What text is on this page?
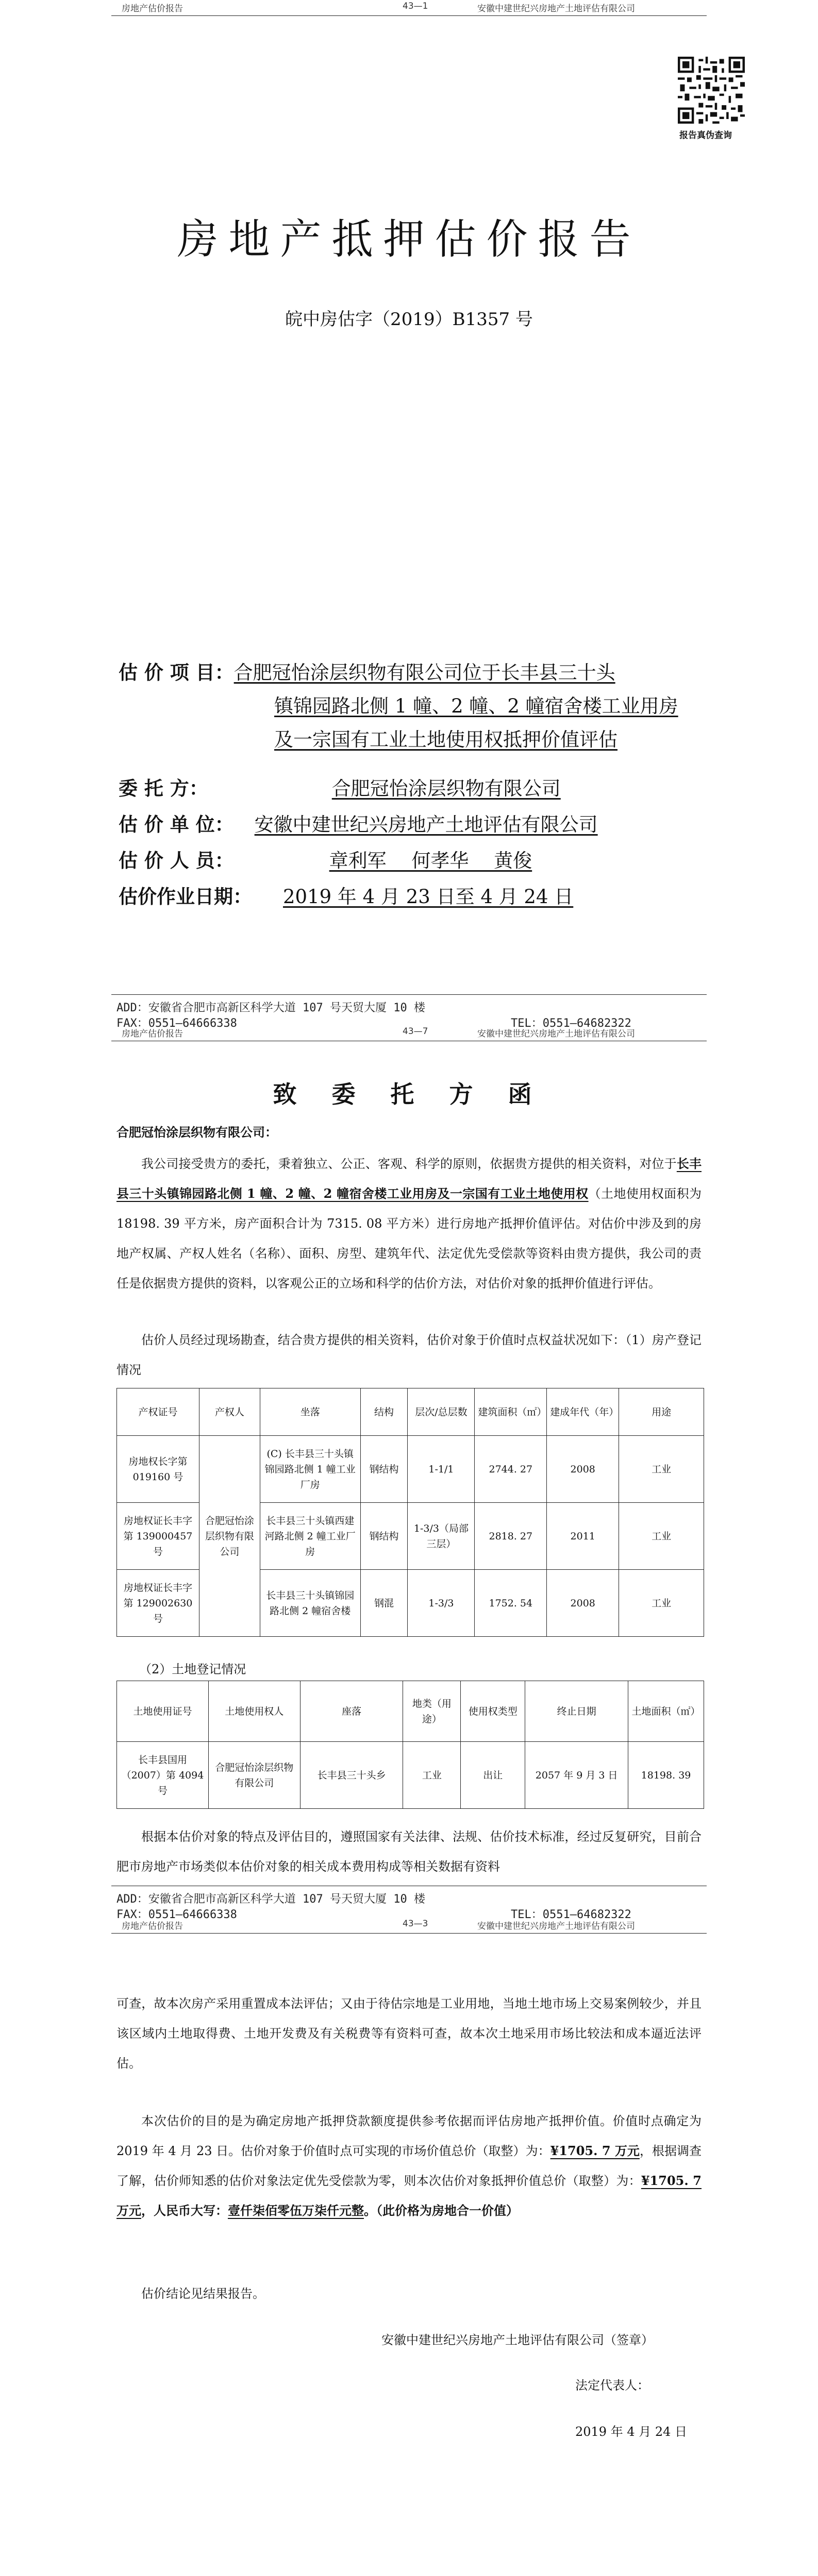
房地产估价报告	43—1	安徽中建世纪兴房地产土地评估有限公司
报告真伪查询
房地产抵押估价报告
皖中房估字（2019）B1357 号
估 价 项 目：合肥冠怡涂层织物有限公司位于长丰县三十头
镇锦园路北侧 1 幢、2 幢、2 幢宿舍楼工业用房
及一宗国有工业土地使用权抵押价值评估
委 托 方：	合肥冠怡涂层织物有限公司
估 价 单 位： 安徽中建世纪兴房地产土地评估有限公司
估 价 人 员：	章利军　 何孝华　 黄俊
估价作业日期： 2019 年 4 月 23 日至 4 月 24 日
ADD：安徽省合肥市高新区科学大道 107 号天贸大厦 10 楼
FAX：0551—64666338	TEL：0551—64682322
房地产估价报告	43—7	安徽中建世纪兴房地产土地评估有限公司
致 委 托 方 函
合肥冠怡涂层织物有限公司：
我公司接受贵方的委托，秉着独立、公正、客观、科学的原则，依据贵方提供的相关资料，对位于长丰县三十头镇锦园路北侧 1 幢、2 幢、2 幢宿舍楼工业用房及一宗国有工业土地使用权（土地使用权面积为 18198. 39 平方米，房产面积合计为 7315. 08 平方米）进行房地产抵押价值评估。对估价中涉及到的房地产权属、产权人姓名（名称）、面积、房型、建筑年代、法定优先受偿款等资料由贵方提供，我公司的责任是依据贵方提供的资料，以客观公正的立场和科学的估价方法，对估价对象的抵押价值进行评估。
估价人员经过现场勘查，结合贵方提供的相关资料，估价对象于价值时点权益状况如下：（1）房产登记情况
产权证号	产权人	坐落	结构	层次/总层数	建筑面积（㎡）	建成年代（年）	用途
房地权长字第 019160 号	合肥冠怡涂层织物有限公司	(C) 长丰县三十头镇锦园路北侧 1 幢工业厂房	钢结构	1-1/1	2744. 27	2008	工业
房地权证长丰字第 139000457 号		长丰县三十头镇西建河路北侧 2 幢工业厂房	钢结构	1-3/3（局部三层）	2818. 27	2011	工业
房地权证长丰字第 129002630 号		长丰县三十头镇锦园路北侧 2 幢宿舍楼	钢混	1-3/3	1752. 54	2008	工业
（2）土地登记情况
土地使用证号	土地使用权人	座落	地类（用途）	使用权类型	终止日期	土地面积（㎡）
长丰县国用（2007）第 4094 号	合肥冠怡涂层织物有限公司	长丰县三十头乡	工业	出让	2057 年 9 月 3 日	18198. 39
根据本估价对象的特点及评估目的，遵照国家有关法律、法规、估价技术标准，经过反复研究，目前合肥市房地产市场类似本估价对象的相关成本费用构成等相关数据有资料
ADD：安徽省合肥市高新区科学大道 107 号天贸大厦 10 楼
FAX：0551—64666338	TEL：0551—64682322
房地产估价报告	43—3	安徽中建世纪兴房地产土地评估有限公司
可查，故本次房产采用重置成本法评估；又由于待估宗地是工业用地，当地土地市场上交易案例较少，并且该区域内土地取得费、土地开发费及有关税费等有资料可查，故本次土地采用市场比较法和成本逼近法评估。
本次估价的目的是为确定房地产抵押贷款额度提供参考依据而评估房地产抵押价值。价值时点确定为 2019 年 4 月 23 日。估价对象于价值时点可实现的市场价值总价（取整）为：¥1705. 7 万元，根据调查了解，估价师知悉的估价对象法定优先受偿款为零，则本次估价对象抵押价值总价（取整）为：¥1705. 7 万元，人民币大写：壹仟柒佰零伍万柒仟元整。（此价格为房地合一价值）
估价结论见结果报告。
安徽中建世纪兴房地产土地评估有限公司（签章）
法定代表人：
2019 年 4 月 24 日
